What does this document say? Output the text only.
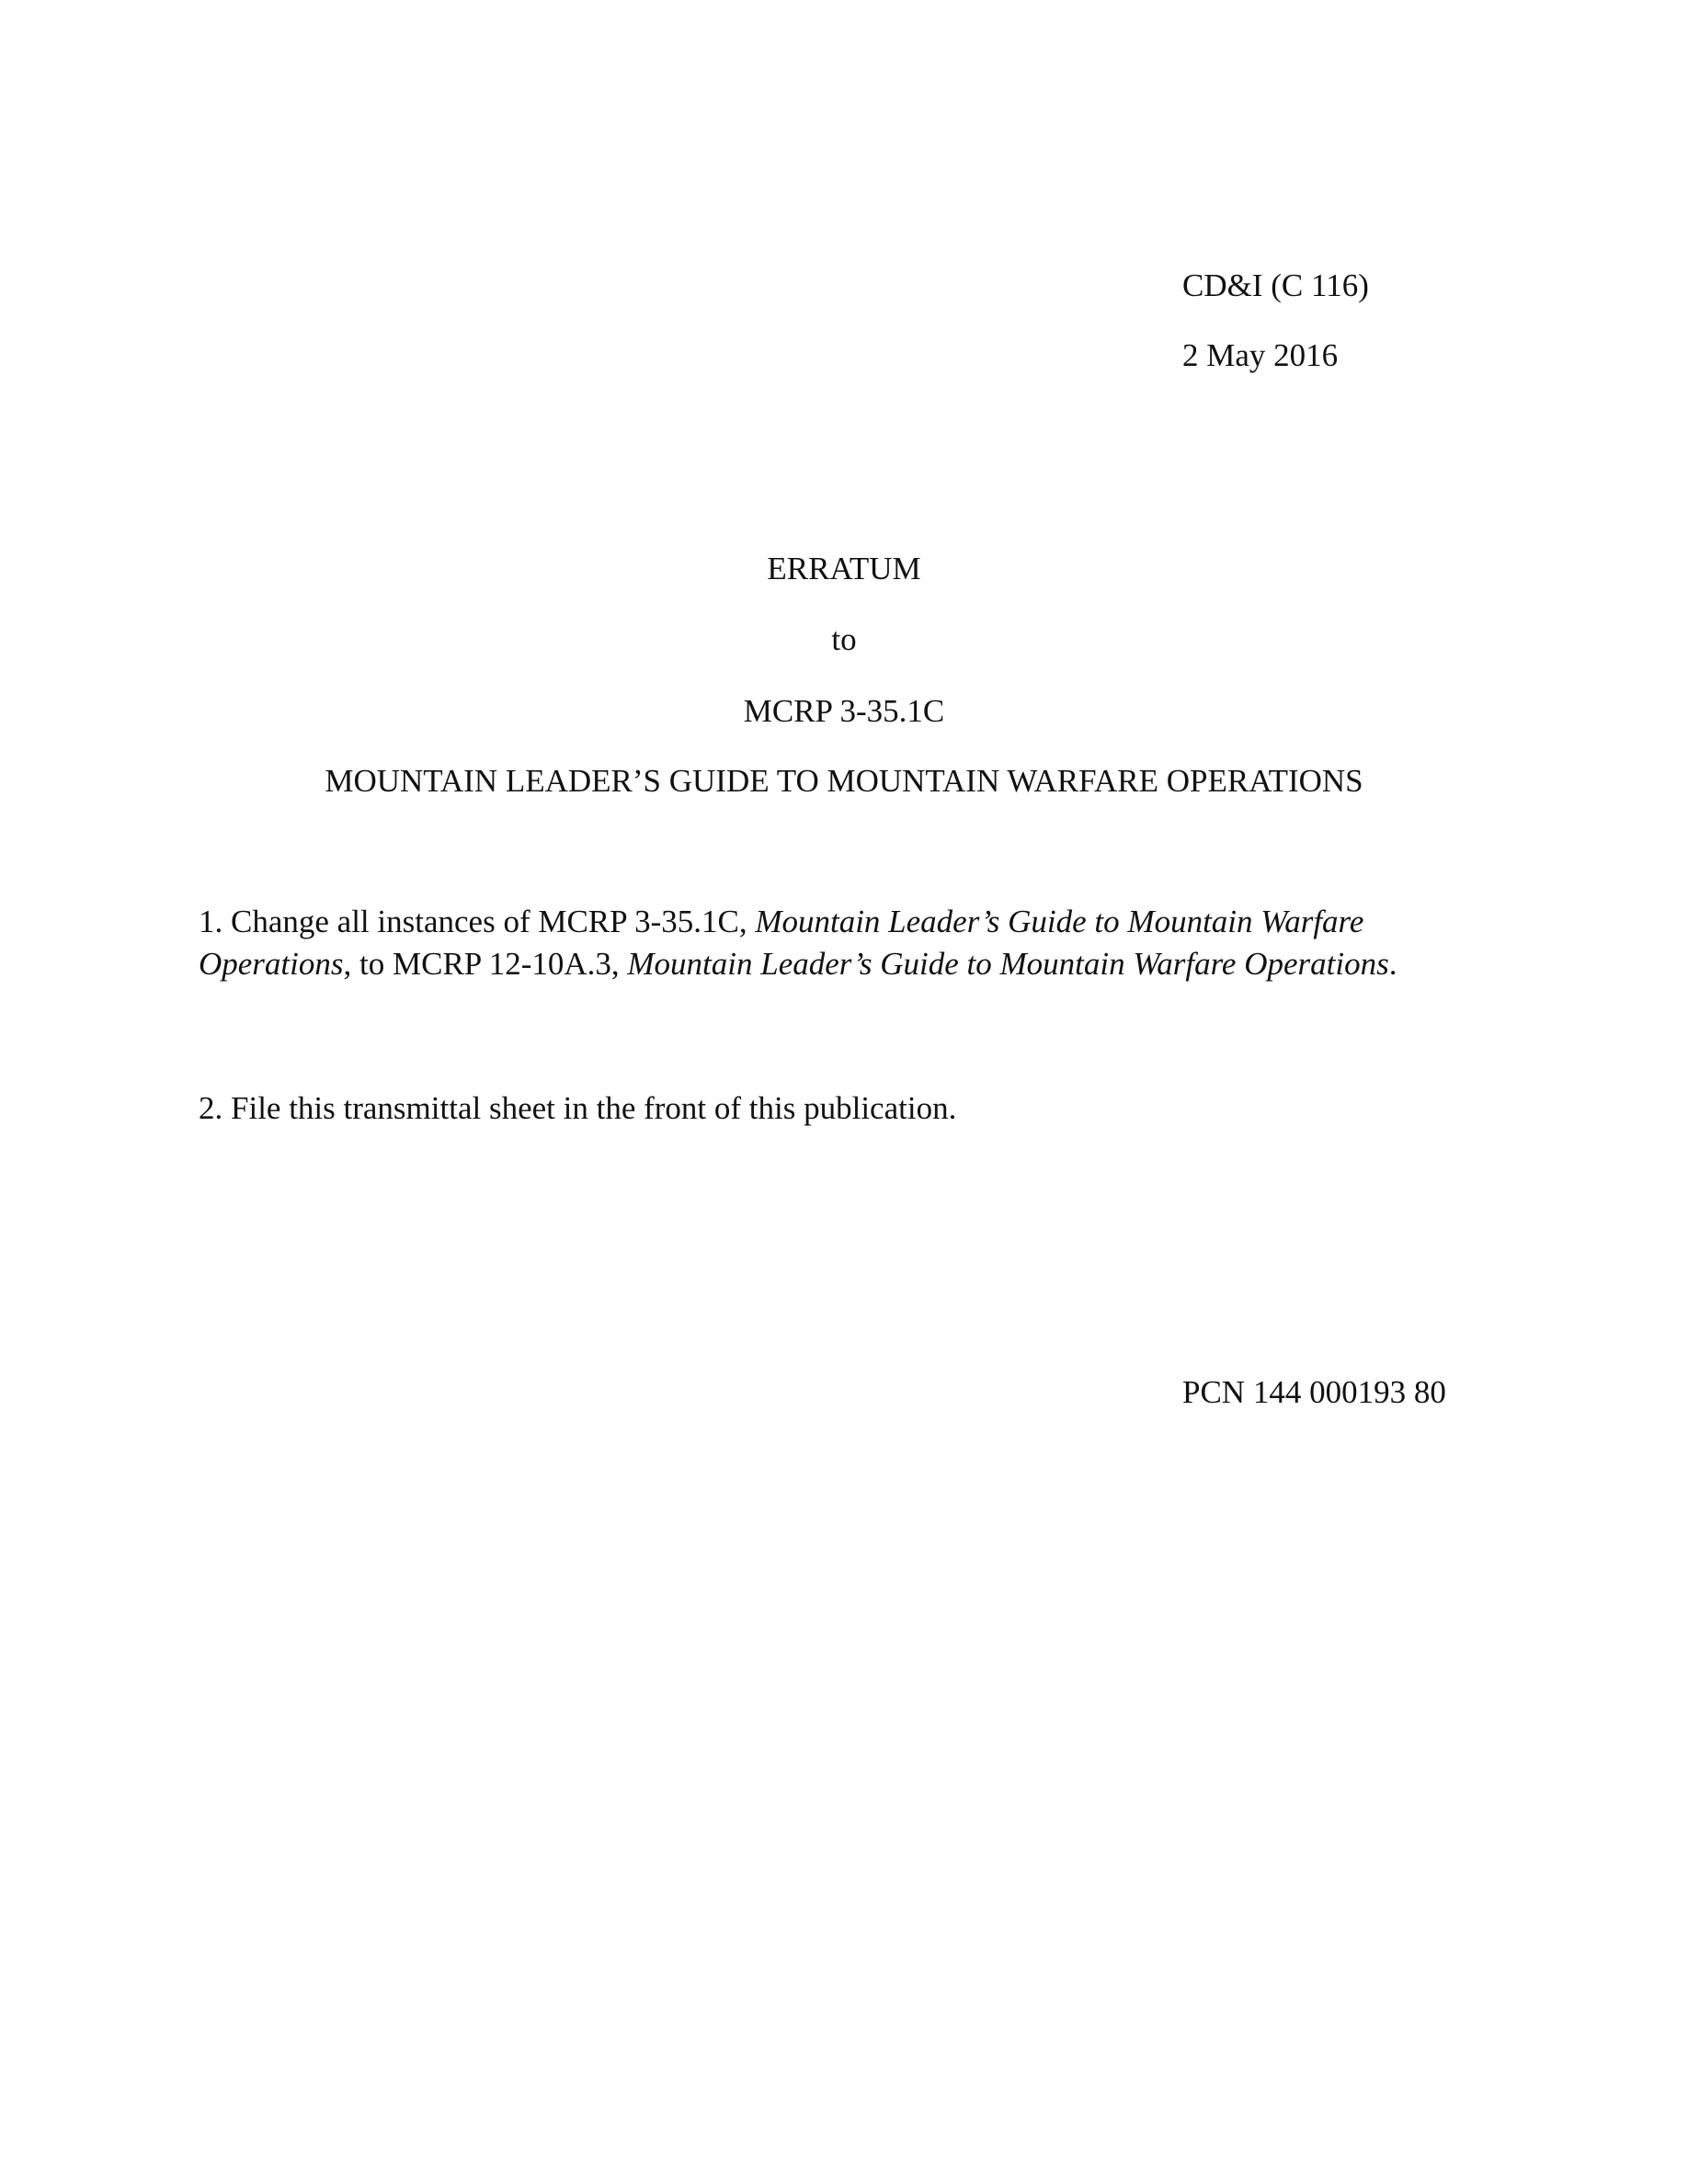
CD&I (C 116)
2 May 2016
ERRATUM
to
MCRP 3-35.1C
MOUNTAIN LEADER’S GUIDE TO MOUNTAIN WARFARE OPERATIONS
1. Change all instances of MCRP 3-35.1C, Mountain Leader’s Guide to Mountain Warfare
Operations, to MCRP 12-10A.3, Mountain Leader’s Guide to Mountain Warfare Operations.
2. File this transmittal sheet in the front of this publication.
PCN 144 000193 80
